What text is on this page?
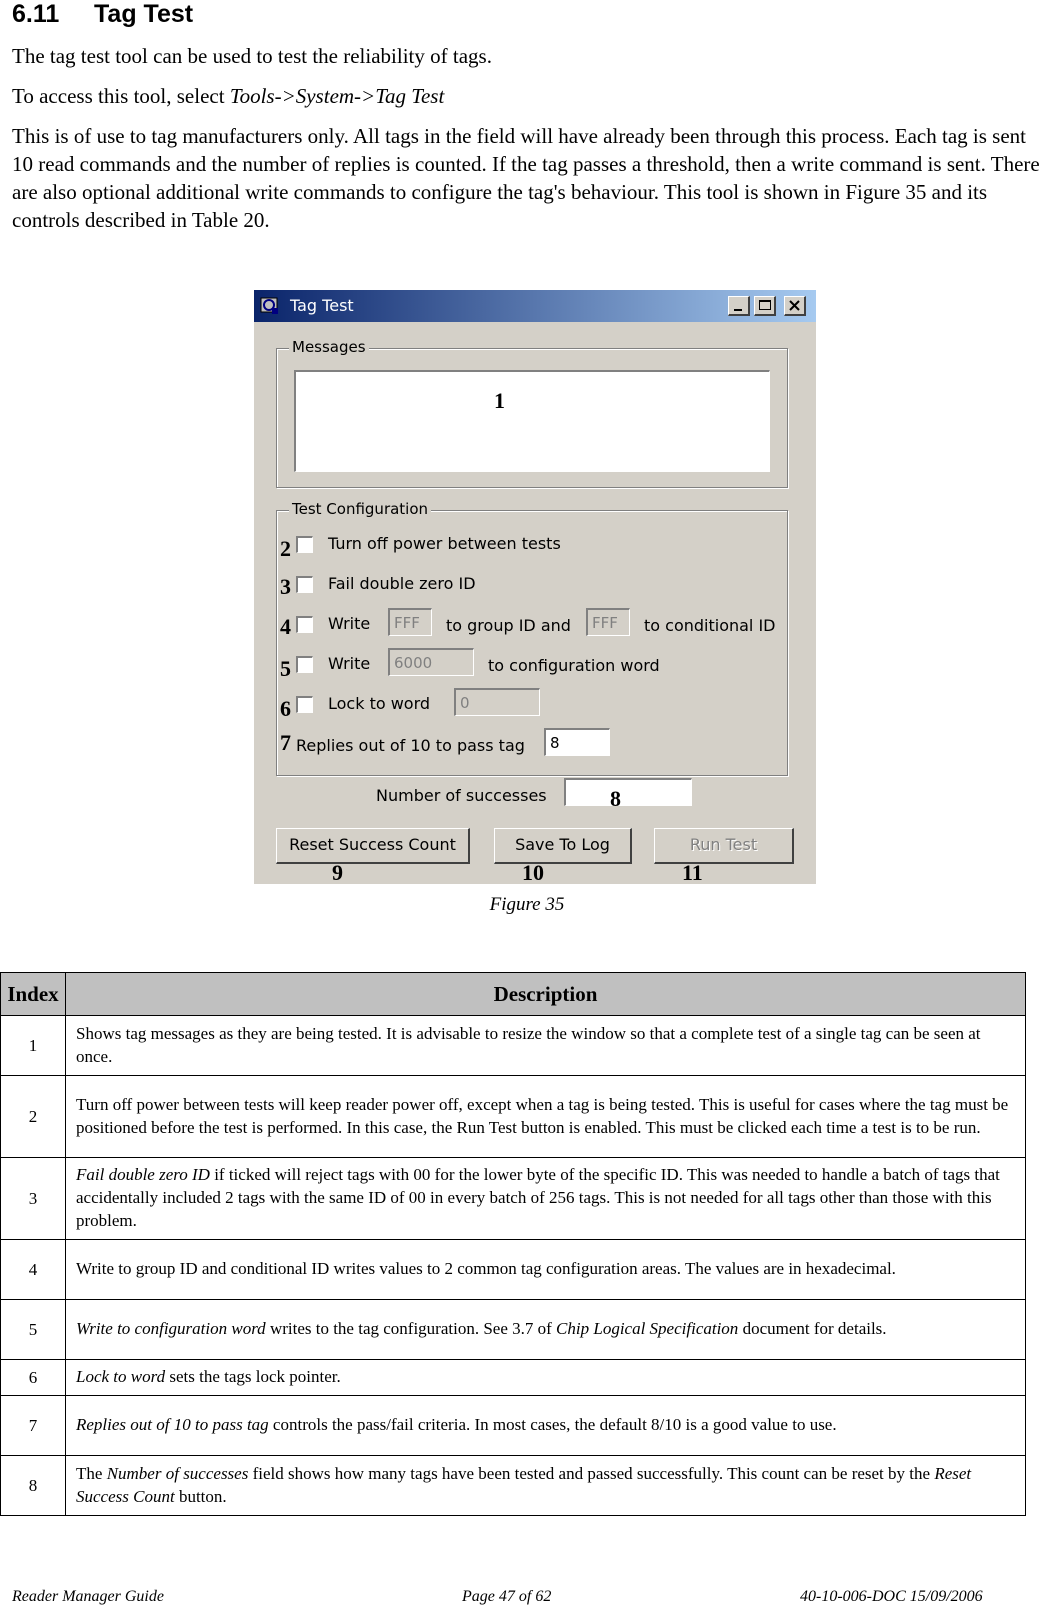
6.11 Tag Test
The tag test tool can be used to test the reliability of tags.
To access this tool, select Tools->System->Tag Test
This is of use to tag manufacturers only. All tags in the field will have already been through this process. Each tag is sent 10 read commands and the number of replies is counted. If the tag passes a threshold, then a write command is sent. There are also optional additional write commands to configure the tag's behaviour. This tool is shown in Figure 35 and its controls described in Table 20.
Tag Test
Messages
Test Configuration
Turn off power between tests
Fail double zero ID
Write	FFF	to group ID and	FFF	to conditional ID
Write	6000	to configuration word
Lock to word	0
Replies out of 10 to pass tag	8
Number of successes
Reset Success Count	Save To Log	Run Test
1
2
3
4
5
6
7
8
9	10	11
Figure 35
Index	Description
1	Shows tag messages as they are being tested. It is advisable to resize the window so that a complete test of a single tag can be seen at once.
2	Turn off power between tests will keep reader power off, except when a tag is being tested. This is useful for cases where the tag must be positioned before the test is performed. In this case, the Run Test button is enabled. This must be clicked each time a test is to be run.
3	Fail double zero ID if ticked will reject tags with 00 for the lower byte of the specific ID. This was needed to handle a batch of tags that accidentally included 2 tags with the same ID of 00 in every batch of 256 tags. This is not needed for all tags other than those with this problem.
4	Write to group ID and conditional ID writes values to 2 common tag configuration areas. The values are in hexadecimal.
5	Write to configuration word writes to the tag configuration. See 3.7 of Chip Logical Specification document for details.
6	Lock to word sets the tags lock pointer.
7	Replies out of 10 to pass tag controls the pass/fail criteria. In most cases, the default 8/10 is a good value to use.
8	The Number of successes field shows how many tags have been tested and passed successfully. This count can be reset by the Reset Success Count button.
Reader Manager Guide	Page 47 of 62	40-10-006-DOC 15/09/2006
